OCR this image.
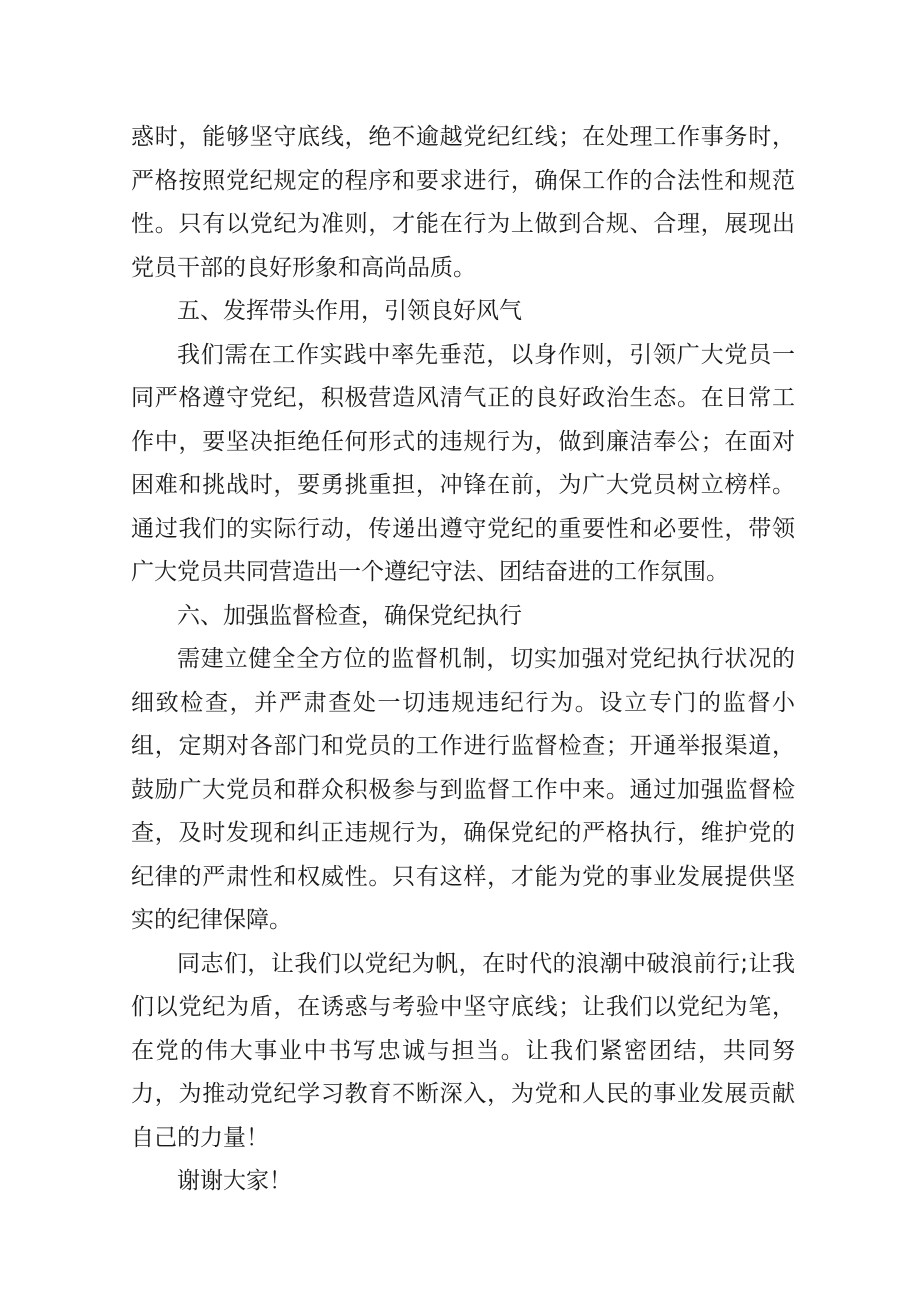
惑时，能够坚守底线，绝不逾越党纪红线；在处理工作事务时，严格按照党纪规定的程序和要求进行，确保工作的合法性和规范性。只有以党纪为准则，才能在行为上做到合规、合理，展现出党员干部的良好形象和高尚品质。

五、发挥带头作用，引领良好风气

我们需在工作实践中率先垂范，以身作则，引领广大党员一同严格遵守党纪，积极营造风清气正的良好政治生态。在日常工作中，要坚决拒绝任何形式的违规行为，做到廉洁奉公；在面对困难和挑战时，要勇挑重担，冲锋在前，为广大党员树立榜样。通过我们的实际行动，传递出遵守党纪的重要性和必要性，带领广大党员共同营造出一个遵纪守法、团结奋进的工作氛围。

六、加强监督检查，确保党纪执行

需建立健全全方位的监督机制，切实加强对党纪执行状况的细致检查，并严肃查处一切违规违纪行为。设立专门的监督小组，定期对各部门和党员的工作进行监督检查；开通举报渠道，鼓励广大党员和群众积极参与到监督工作中来。通过加强监督检查，及时发现和纠正违规行为，确保党纪的严格执行，维护党的纪律的严肃性和权威性。只有这样，才能为党的事业发展提供坚实的纪律保障。

同志们，让我们以党纪为帆，在时代的浪潮中破浪前行;让我们以党纪为盾，在诱惑与考验中坚守底线；让我们以党纪为笔，在党的伟大事业中书写忠诚与担当。让我们紧密团结，共同努力，为推动党纪学习教育不断深入，为党和人民的事业发展贡献自己的力量！

谢谢大家！
